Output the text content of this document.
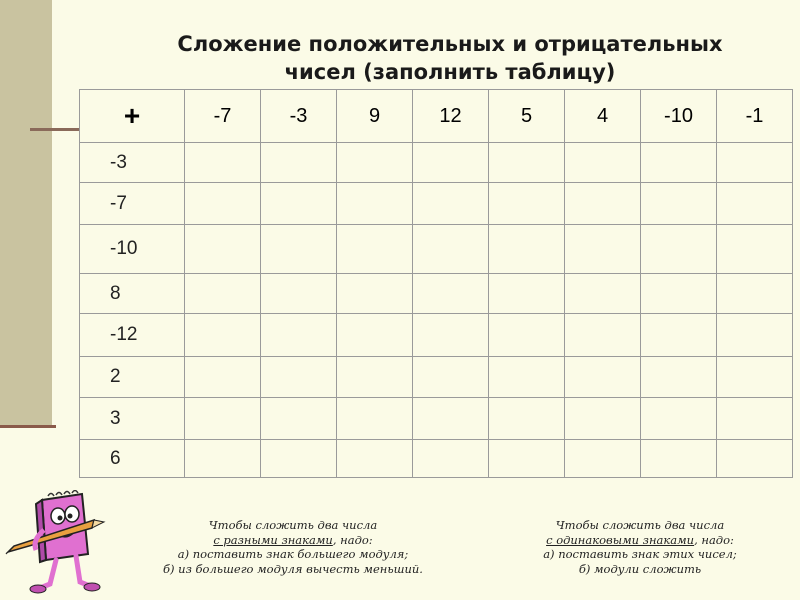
Сложение положительных и отрицательных
чисел (заполнить таблицу)
+	-7	-3	9	12	5	4	-10	-1
-3								
-7								
-10								
8								
-12								
2								
3								
6								
Чтобы сложить два числа
с разными знаками, надо:
а) поставить знак большего модуля;
б) из большего модуля вычесть меньший.
Чтобы сложить два числа
с одинаковыми знаками, надо:
а) поставить знак этих чисел;
б) модули сложить
